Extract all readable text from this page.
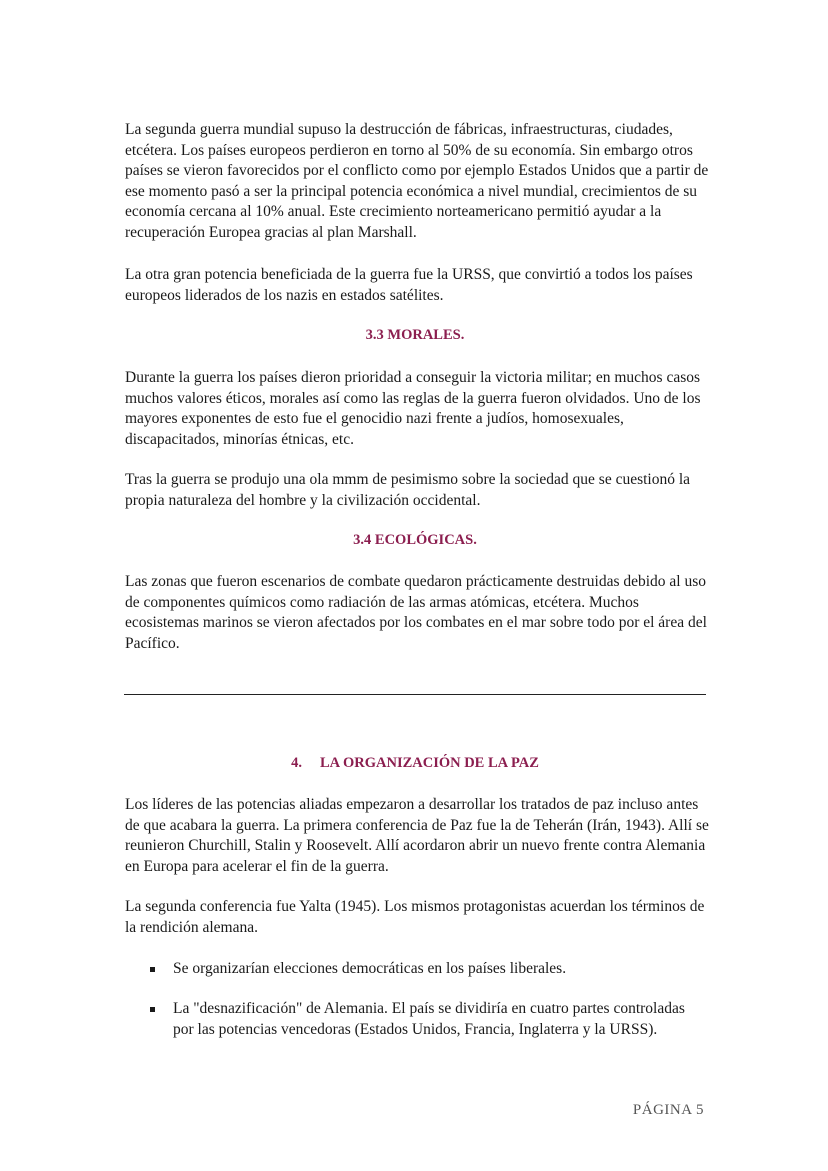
La segunda guerra mundial supuso la destrucción de fábricas, infraestructuras, ciudades, etcétera. Los países europeos perdieron en torno al 50% de su economía. Sin embargo otros países se vieron favorecidos por el conflicto como por ejemplo Estados Unidos que a partir de ese momento pasó a ser la principal potencia económica a nivel mundial, crecimientos de su economía cercana al 10% anual. Este crecimiento norteamericano permitió ayudar a la recuperación Europea gracias al plan Marshall.

La otra gran potencia beneficiada de la guerra fue la URSS, que convirtió a todos los países europeos liderados de los nazis en estados satélites.

3.3 MORALES.

Durante la guerra los países dieron prioridad a conseguir la victoria militar; en muchos casos muchos valores éticos, morales así como las reglas de la guerra fueron olvidados. Uno de los mayores exponentes de esto fue el genocidio nazi frente a judíos, homosexuales, discapacitados, minorías étnicas, etc.

Tras la guerra se produjo una ola mmm de pesimismo sobre la sociedad que se cuestionó la propia naturaleza del hombre y la civilización occidental.

3.4 ECOLÓGICAS.

Las zonas que fueron escenarios de combate quedaron prácticamente destruidas debido al uso de componentes químicos como radiación de las armas atómicas, etcétera. Muchos ecosistemas marinos se vieron afectados por los combates en el mar sobre todo por el área del Pacífico.

4. LA ORGANIZACIÓN DE LA PAZ

Los líderes de las potencias aliadas empezaron a desarrollar los tratados de paz incluso antes de que acabara la guerra. La primera conferencia de Paz fue la de Teherán (Irán, 1943). Allí se reunieron Churchill, Stalin y Roosevelt. Allí acordaron abrir un nuevo frente contra Alemania en Europa para acelerar el fin de la guerra.

La segunda conferencia fue Yalta (1945). Los mismos protagonistas acuerdan los términos de la rendición alemana.

Se organizarían elecciones democráticas en los países liberales.
La "desnazificación" de Alemania. El país se dividiría en cuatro partes controladas por las potencias vencedoras (Estados Unidos, Francia, Inglaterra y la URSS).
PÁGINA 5
